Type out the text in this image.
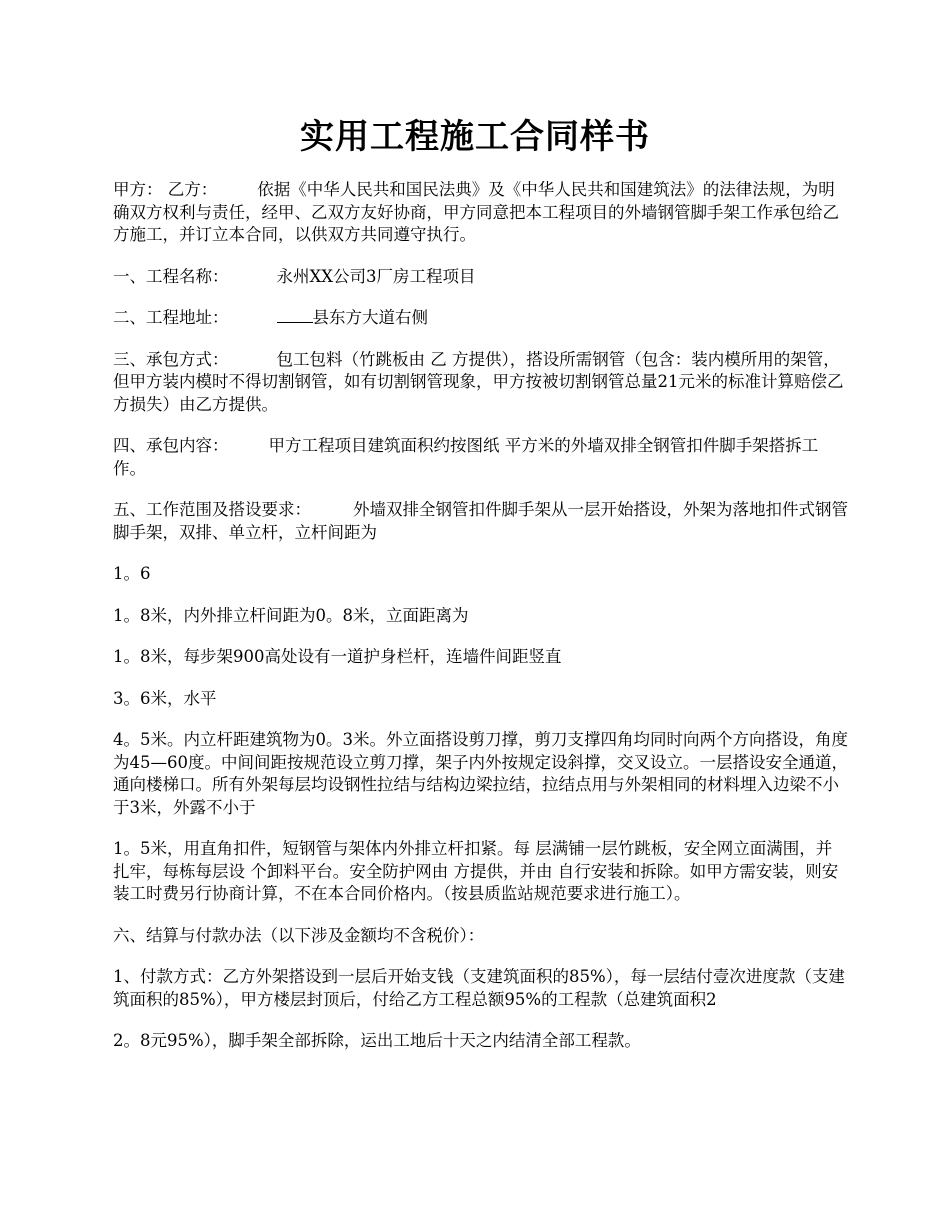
实用工程施工合同样书

甲方： 乙方： 依据《中华人民共和国民法典》及《中华人民共和国建筑法》的法律法规，为明确双方权利与责任，经甲、乙双方友好协商，甲方同意把本工程项目的外墙钢管脚手架工作承包给乙方施工，并订立本合同，以供双方共同遵守执行。

一、工程名称：	永州XX公司3厂房工程项目

二、工程地址：	县东方大道右侧

三、承包方式：	包工包料（竹跳板由 乙 方提供），搭设所需钢管（包含：装内模所用的架管，但甲方装内模时不得切割钢管，如有切割钢管现象，甲方按被切割钢管总量21元米的标准计算赔偿乙方损失）由乙方提供。

四、承包内容： 甲方工程项目建筑面积约按图纸 平方米的外墙双排全钢管扣件脚手架搭拆工作。

五、工作范围及搭设要求：	外墙双排全钢管扣件脚手架从一层开始搭设，外架为落地扣件式钢管脚手架，双排、单立杆，立杆间距为

1。6

1。8米，内外排立杆间距为0。8米，立面距离为

1。8米，每步架900高处设有一道护身栏杆，连墙件间距竖直

3。6米，水平

4。5米。内立杆距建筑物为0。3米。外立面搭设剪刀撑，剪刀支撑四角均同时向两个方向搭设，角度为45—60度。中间间距按规范设立剪刀撑，架子内外按规定设斜撑，交叉设立。一层搭设安全通道，通向楼梯口。所有外架每层均设钢性拉结与结构边梁拉结，拉结点用与外架相同的材料埋入边梁不小于3米，外露不小于

1。5米，用直角扣件，短钢管与架体内外排立杆扣紧。每 层满铺一层竹跳板，安全网立面满围，并扎牢，每栋每层设 个卸料平台。安全防护网由 方提供，并由 自行安装和拆除。如甲方需安装，则安装工时费另行协商计算，不在本合同价格内。（按县质监站规范要求进行施工）。

六、结算与付款办法（以下涉及金额均不含税价）：

1、付款方式：乙方外架搭设到一层后开始支钱（支建筑面积的85%），每一层结付壹次进度款（支建筑面积的85%），甲方楼层封顶后，付给乙方工程总额95%的工程款（总建筑面积2

2。8元95%），脚手架全部拆除，运出工地后十天之内结清全部工程款。
